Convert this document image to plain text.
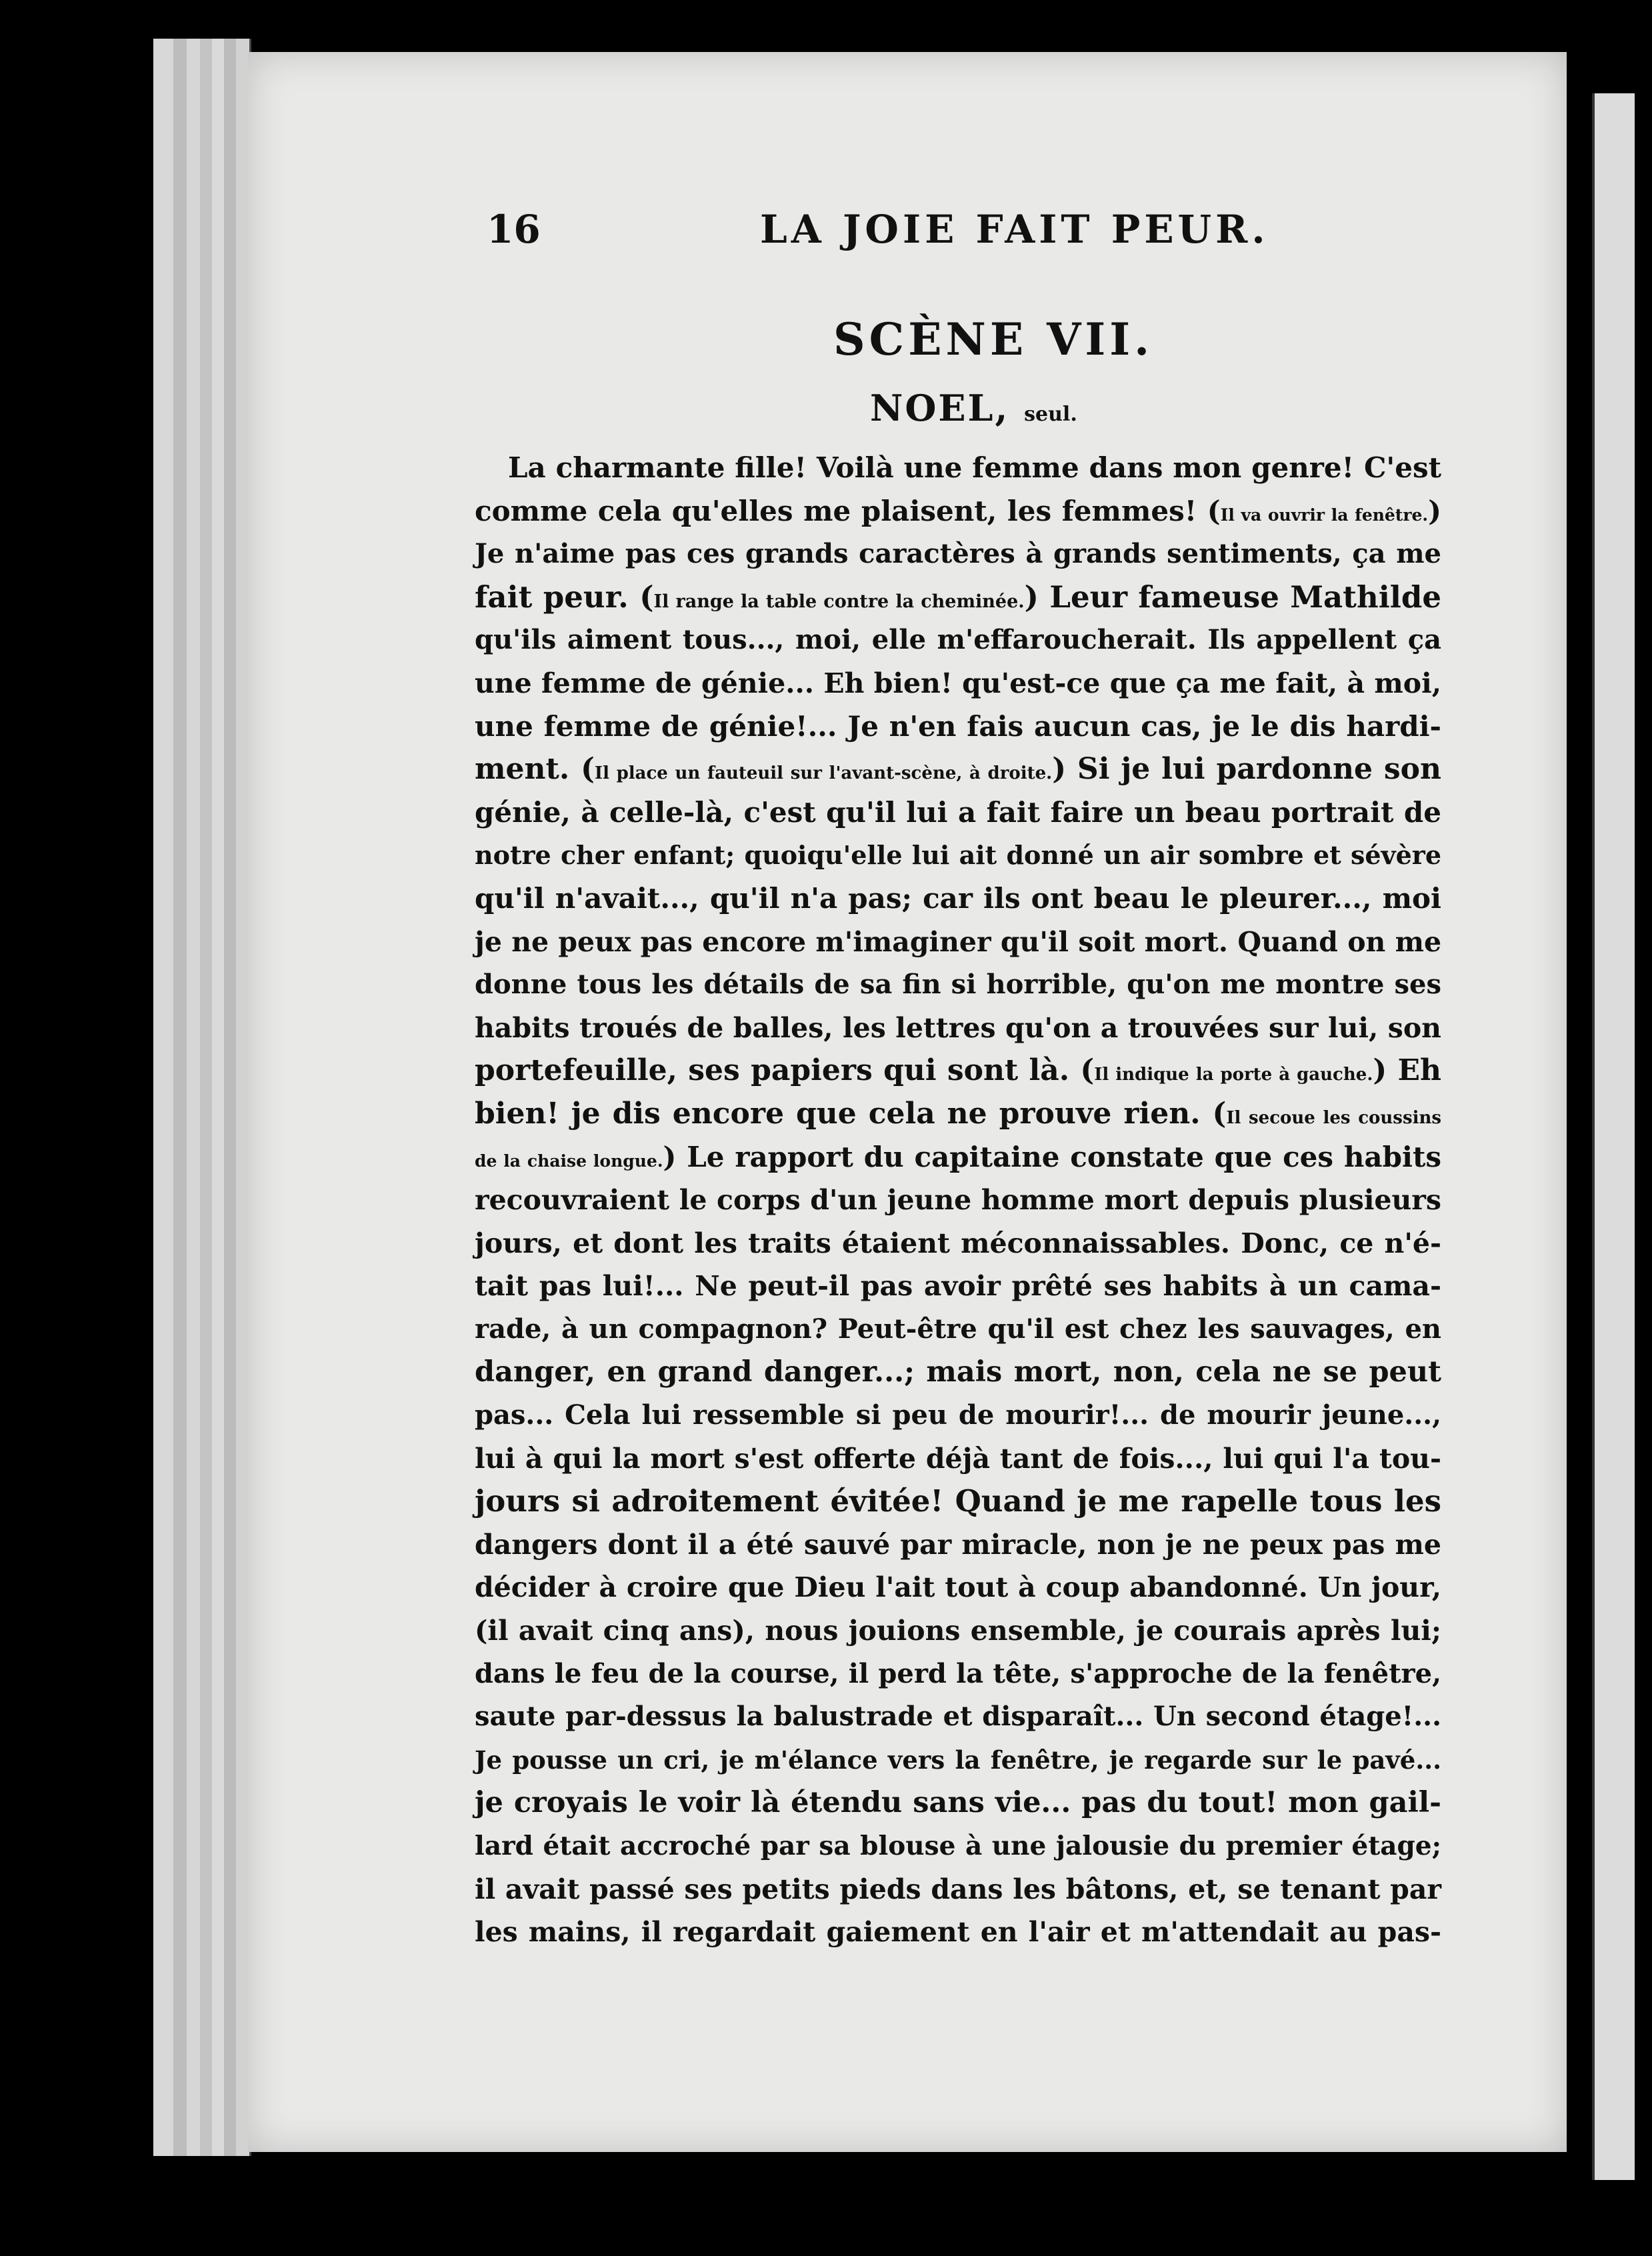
16	LA JOIE FAIT PEUR.
SCÈNE VII.
NOEL, seul.
La charmante fille! Voilà une femme dans mon genre! C'est
comme cela qu'elles me plaisent, les femmes! (Il va ouvrir la fenêtre.)
Je n'aime pas ces grands caractères à grands sentiments, ça me
fait peur. (Il range la table contre la cheminée.) Leur fameuse Mathilde
qu'ils aiment tous..., moi, elle m'effaroucherait. Ils appellent ça
une femme de génie... Eh bien! qu'est-ce que ça me fait, à moi,
une femme de génie!... Je n'en fais aucun cas, je le dis hardi-
ment. (Il place un fauteuil sur l'avant-scène, à droite.) Si je lui pardonne son
génie, à celle-là, c'est qu'il lui a fait faire un beau portrait de
notre cher enfant; quoiqu'elle lui ait donné un air sombre et sévère
qu'il n'avait..., qu'il n'a pas; car ils ont beau le pleurer..., moi
je ne peux pas encore m'imaginer qu'il soit mort. Quand on me
donne tous les détails de sa fin si horrible, qu'on me montre ses
habits troués de balles, les lettres qu'on a trouvées sur lui, son
portefeuille, ses papiers qui sont là. (Il indique la porte à gauche.) Eh
bien! je dis encore que cela ne prouve rien. (Il secoue les coussins
de la chaise longue.) Le rapport du capitaine constate que ces habits
recouvraient le corps d'un jeune homme mort depuis plusieurs
jours, et dont les traits étaient méconnaissables. Donc, ce n'é-
tait pas lui!... Ne peut-il pas avoir prêté ses habits à un cama-
rade, à un compagnon? Peut-être qu'il est chez les sauvages, en
danger, en grand danger...; mais mort, non, cela ne se peut
pas... Cela lui ressemble si peu de mourir!... de mourir jeune...,
lui à qui la mort s'est offerte déjà tant de fois..., lui qui l'a tou-
jours si adroitement évitée! Quand je me rapelle tous les
dangers dont il a été sauvé par miracle, non je ne peux pas me
décider à croire que Dieu l'ait tout à coup abandonné. Un jour,
(il avait cinq ans), nous jouions ensemble, je courais après lui;
dans le feu de la course, il perd la tête, s'approche de la fenêtre,
saute par-dessus la balustrade et disparaît... Un second étage!...
Je pousse un cri, je m'élance vers la fenêtre, je regarde sur le pavé...
je croyais le voir là étendu sans vie... pas du tout! mon gail-
lard était accroché par sa blouse à une jalousie du premier étage;
il avait passé ses petits pieds dans les bâtons, et, se tenant par
les mains, il regardait gaiement en l'air et m'attendait au pas-
